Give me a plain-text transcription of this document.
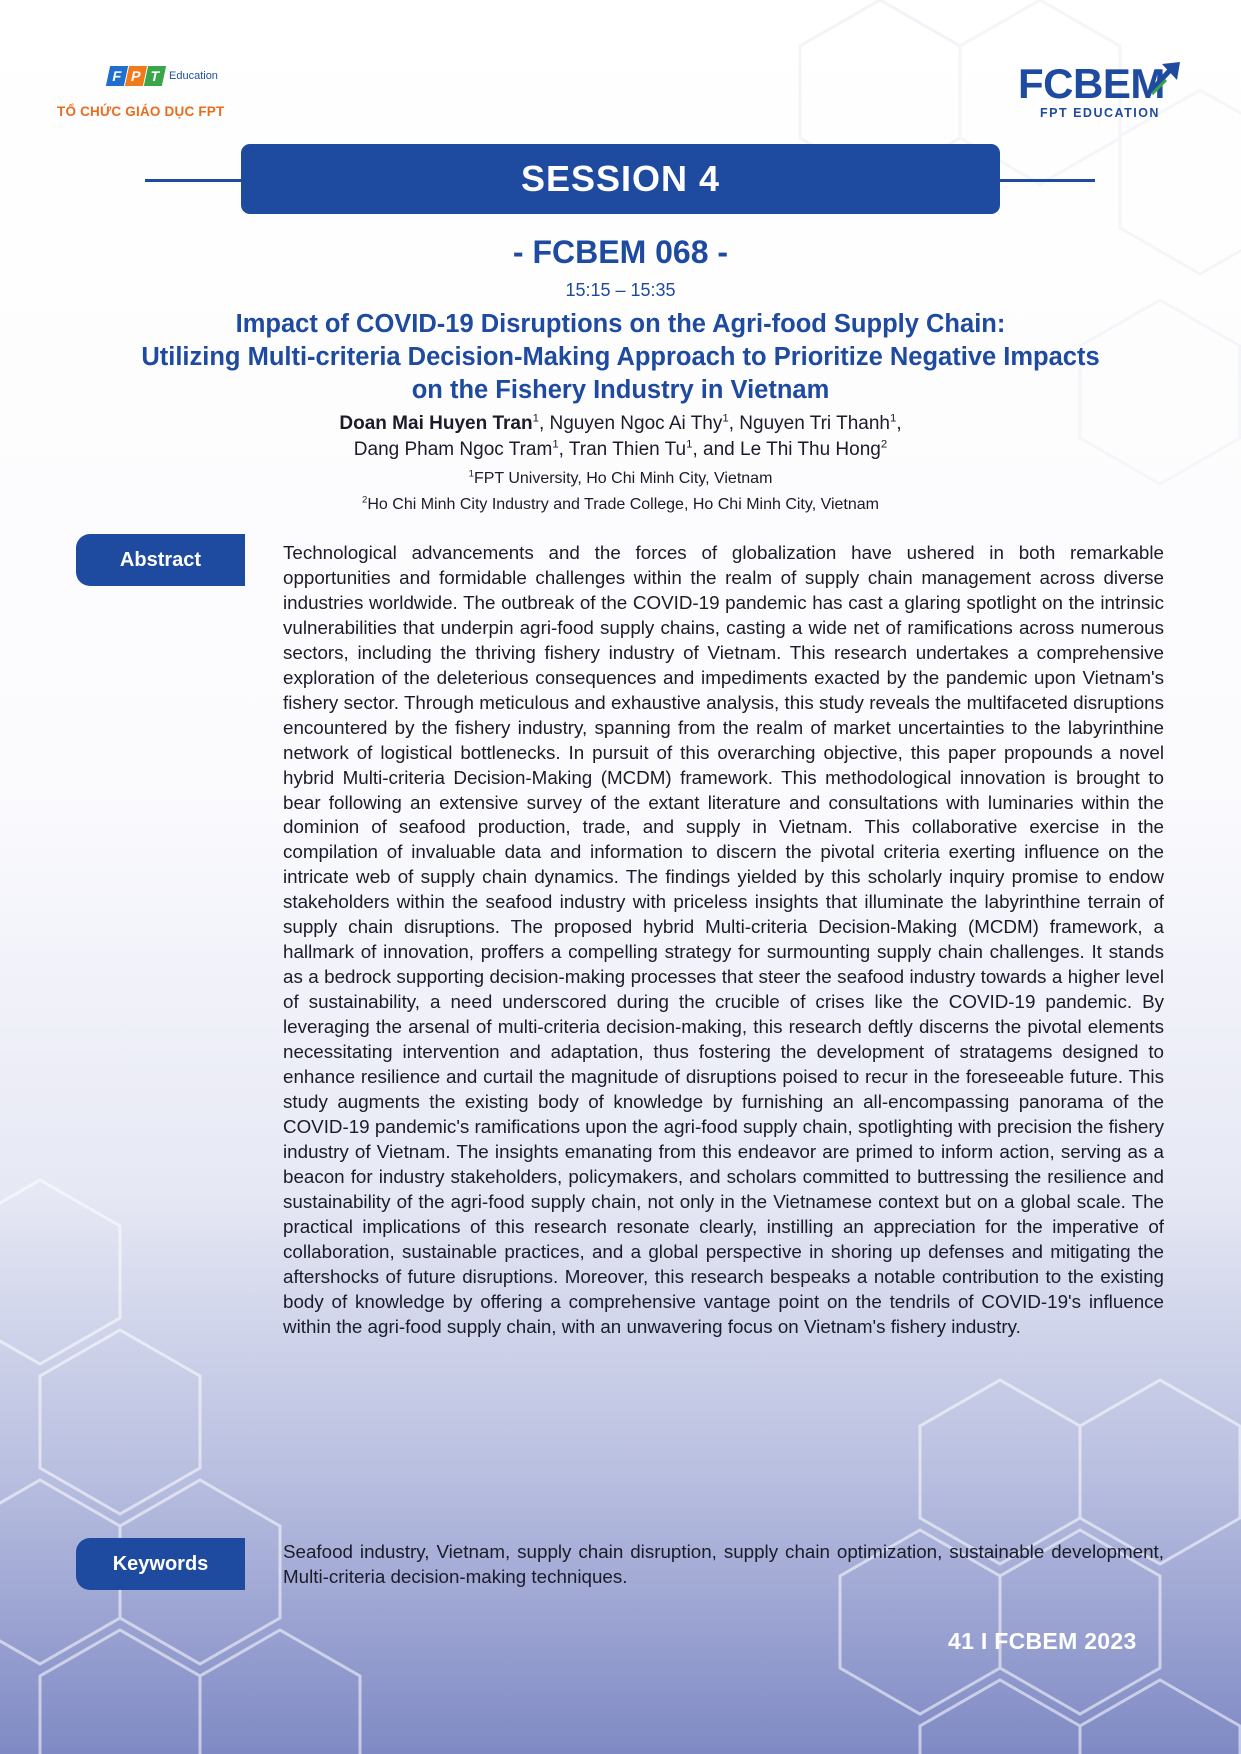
F P T Education
TỔ CHỨC GIÁO DỤC FPT
FCBEM
FPT EDUCATION
SESSION 4
- FCBEM 068 -
15:15 – 15:35
Impact of COVID-19 Disruptions on the Agri-food Supply Chain:
Utilizing Multi-criteria Decision-Making Approach to Prioritize Negative Impacts
on the Fishery Industry in Vietnam
Doan Mai Huyen Tran$^1$, Nguyen Ngoc Ai Thy$^1$, Nguyen Tri Thanh$^1$,
Dang Pham Ngoc Tram$^1$, Tran Thien Tu$^1$, and Le Thi Thu Hong$^2$
$^1$FPT University, Ho Chi Minh City, Vietnam
$^2$Ho Chi Minh City Industry and Trade College, Ho Chi Minh City, Vietnam
Abstract	Technological advancements and the forces of globalization have ushered in both remarkable opportunities and formidable challenges within the realm of supply chain management across diverse industries worldwide. The outbreak of the COVID-19 pandemic has cast a glaring spotlight on the intrinsic vulnerabilities that underpin agri-food supply chains, casting a wide net of ramifications across numerous sectors, including the thriving fishery industry of Vietnam. This research undertakes a comprehensive exploration of the deleterious consequences and impediments exacted by the pandemic upon Vietnam's fishery sector. Through meticulous and exhaustive analysis, this study reveals the multifaceted disruptions encountered by the fishery industry, spanning from the realm of market uncertainties to the labyrinthine network of logistical bottlenecks. In pursuit of this overarching objective, this paper propounds a novel hybrid Multi-criteria Decision-Making (MCDM) framework. This methodological innovation is brought to bear following an extensive survey of the extant literature and consultations with luminaries within the dominion of seafood production, trade, and supply in Vietnam. This collaborative exercise in the compilation of invaluable data and information to discern the pivotal criteria exerting influence on the intricate web of supply chain dynamics. The findings yielded by this scholarly inquiry promise to endow stakeholders within the seafood industry with priceless insights that illuminate the labyrinthine terrain of supply chain disruptions. The proposed hybrid Multi-criteria Decision-Making (MCDM) framework, a hallmark of innovation, proffers a compelling strategy for surmounting supply chain challenges. It stands as a bedrock supporting decision-making processes that steer the seafood industry towards a higher level of sustainability, a need underscored during the crucible of crises like the COVID-19 pandemic. By leveraging the arsenal of multi-criteria decision-making, this research deftly discerns the pivotal elements necessitating intervention and adaptation, thus fostering the development of stratagems designed to enhance resilience and curtail the magnitude of disruptions poised to recur in the foreseeable future. This study augments the existing body of knowledge by furnishing an all-encompassing panorama of the COVID-19 pandemic's ramifications upon the agri-food supply chain, spotlighting with precision the fishery industry of Vietnam. The insights emanating from this endeavor are primed to inform action, serving as a beacon for industry stakeholders, policymakers, and scholars committed to buttressing the resilience and sustainability of the agri-food supply chain, not only in the Vietnamese context but on a global scale. The practical implications of this research resonate clearly, instilling an appreciation for the imperative of collaboration, sustainable practices, and a global perspective in shoring up defenses and mitigating the aftershocks of future disruptions. Moreover, this research bespeaks a notable contribution to the existing body of knowledge by offering a comprehensive vantage point on the tendrils of COVID-19's influence within the agri-food supply chain, with an unwavering focus on Vietnam's fishery industry.

Keywords

Seafood industry, Vietnam, supply chain disruption, supply chain optimization, sustainable development, Multi-criteria decision-making techniques.

41 I FCBEM 2023
